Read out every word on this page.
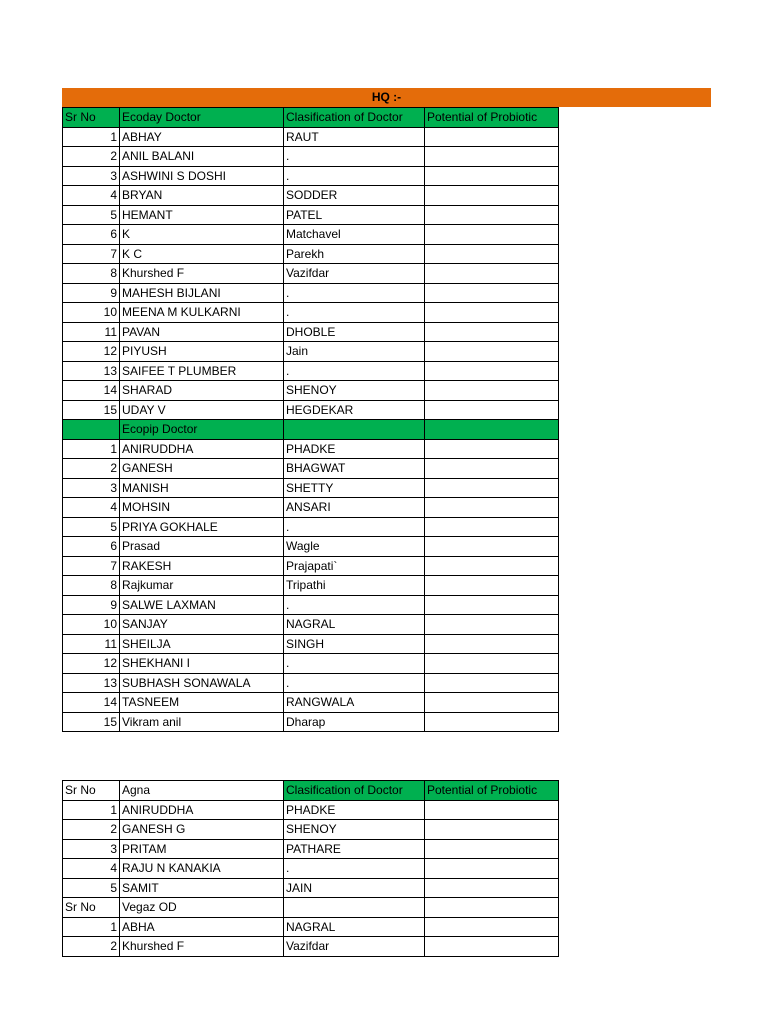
HQ :-
Sr No	Ecoday Doctor	Clasification of Doctor	Potential of Probiotic
1	ABHAY	RAUT	
2	ANIL BALANI	.	
3	ASHWINI S DOSHI	.	
4	BRYAN	SODDER	
5	HEMANT	PATEL	
6	K	Matchavel	
7	K C	Parekh	
8	Khurshed F	Vazifdar	
9	MAHESH BIJLANI	.	
10	MEENA M KULKARNI	.	
11	PAVAN	DHOBLE	
12	PIYUSH	Jain	
13	SAIFEE T PLUMBER	.	
14	SHARAD	SHENOY	
15	UDAY V	HEGDEKAR	
	Ecopip Doctor		
1	ANIRUDDHA	PHADKE	
2	GANESH	BHAGWAT	
3	MANISH	SHETTY	
4	MOHSIN	ANSARI	
5	PRIYA GOKHALE	.	
6	Prasad	Wagle	
7	RAKESH	Prajapati`	
8	Rajkumar	Tripathi	
9	SALWE LAXMAN	.	
10	SANJAY	NAGRAL	
11	SHEILJA	SINGH	
12	SHEKHANI I	.	
13	SUBHASH SONAWALA	.	
14	TASNEEM	RANGWALA	
15	Vikram anil	Dharap	
Sr No	Agna	Clasification of Doctor	Potential of Probiotic
1	ANIRUDDHA	PHADKE	
2	GANESH G	SHENOY	
3	PRITAM	PATHARE	
4	RAJU N KANAKIA	.	
5	SAMIT	JAIN	
Sr No	Vegaz OD		
1	ABHA	NAGRAL	
2	Khurshed F	Vazifdar	
